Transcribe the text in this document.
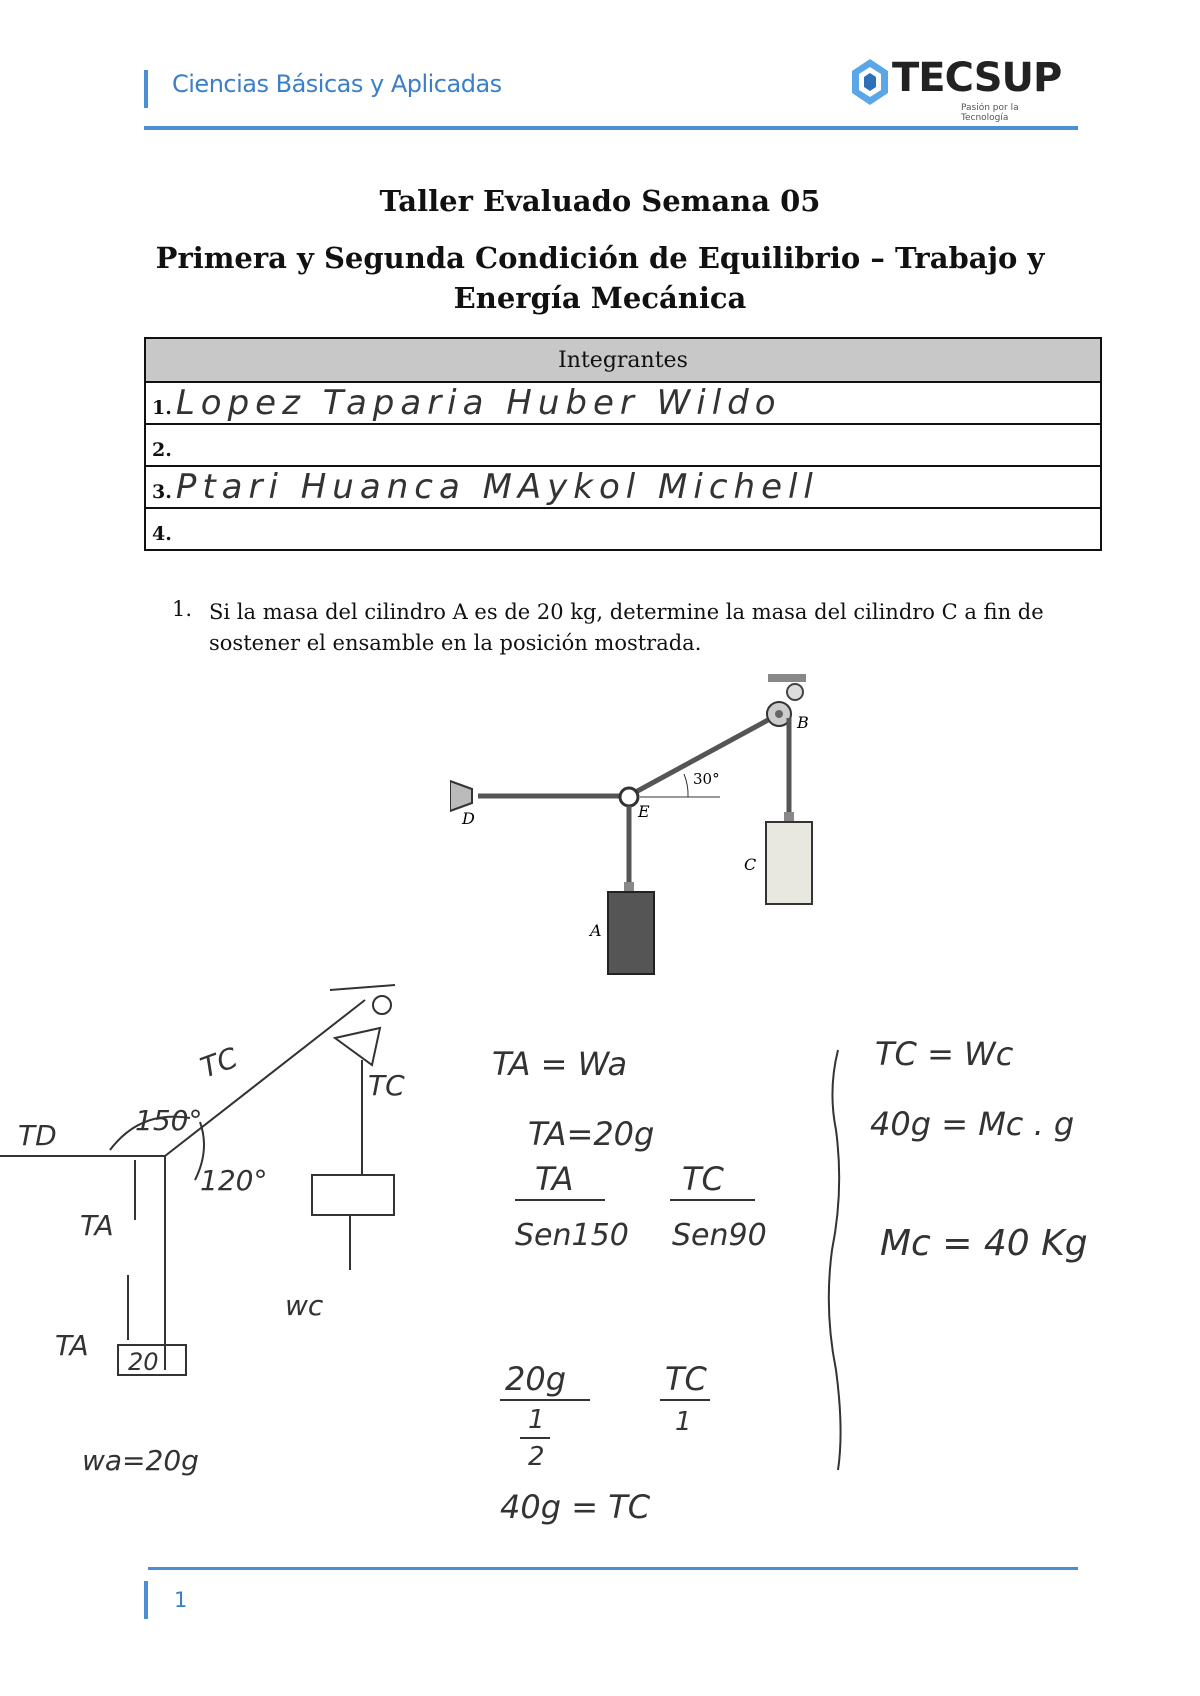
Ciencias Básicas y Aplicadas	TECSUP
Pasión por la Tecnología
Taller Evaluado Semana 05
Primera y Segunda Condición de Equilibrio – Trabajo y
Energía Mecánica
Integrantes
1. Lopez Taparia Huber Wildo
2.
3. Ptari Huanca MAykol Michell
4.
1. Si la masa del cilindro A es de 20 kg, determine la masa del cilindro C a fin de sostener el ensamble en la posición mostrada.
30°
B
D	E
C
A
TD
TC
150°
120°
TA
TA 20
wa=20g
TC
wc
TA = Wa
TA=20g
TA
Sen150
TC
Sen90
20g
1
2
TC
1
40g = TC
TC = Wc
40g = Mc . g
Mc = 40 Kg
1
